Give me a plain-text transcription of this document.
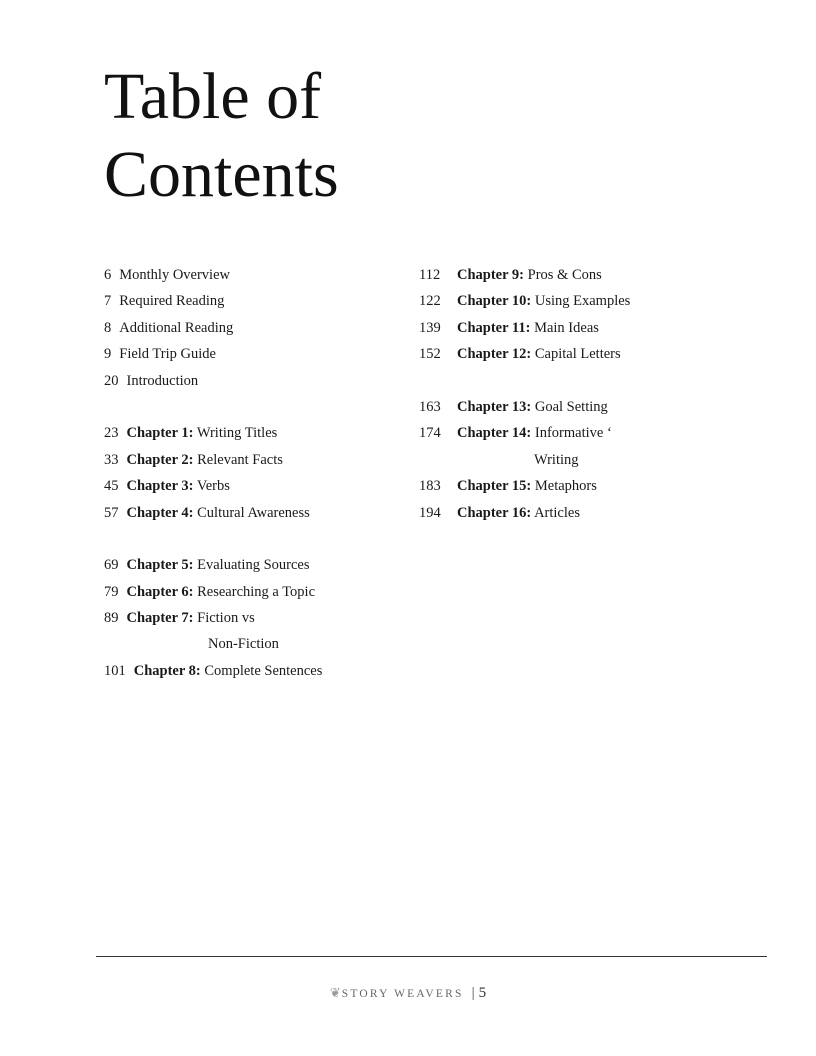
Table of
Contents
6 Monthly Overview
7 Required Reading
8 Additional Reading
9 Field Trip Guide
20 Introduction
23 Chapter 1: Writing Titles
33 Chapter 2: Relevant Facts
45 Chapter 3: Verbs
57 Chapter 4: Cultural Awareness
69 Chapter 5: Evaluating Sources
79 Chapter 6: Researching a Topic
89 Chapter 7: Fiction vs
Non-Fiction
101 Chapter 8: Complete Sentences
112 Chapter 9: Pros & Cons
122 Chapter 10: Using Examples
139 Chapter 11: Main Ideas
152 Chapter 12: Capital Letters
163 Chapter 13: Goal Setting
174 Chapter 14: Informative ‘
Writing
183 Chapter 15: Metaphors
194 Chapter 16: Articles
❦STORY WEAVERS | 5
